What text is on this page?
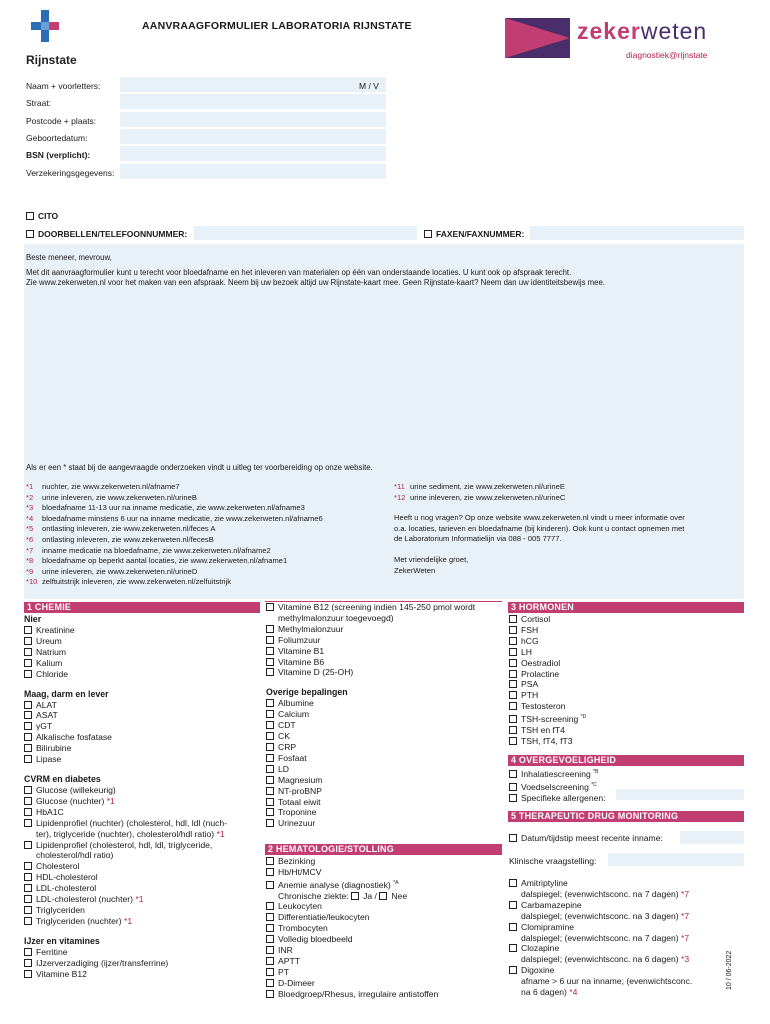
Rijnstate
AANVRAAGFORMULIER LABORATORIA RIJNSTATE	zekerweten
diagnostiek@rijnstate
Naam + voorletters:	M / V
Straat:
Postcode + plaats:
Geboortedatum:
BSN (verplicht):
Verzekeringsgegevens:
CITO
DOORBELLEN/TELEFOONNUMMER:	FAXEN/FAXNUMMER:
Beste meneer, mevrouw,
Met dit aanvraagformulier kunt u terecht voor bloedafname en het inleveren van materialen op één van onderstaande locaties. U kunt ook op afspraak terecht.
Zie www.zekerweten.nl voor het maken van een afspraak. Neem bij uw bezoek altijd uw Rijnstate-kaart mee. Geen Rijnstate-kaart? Neem dan uw identiteitsbewijs mee.
Als er een * staat bij de aangevraagde onderzoeken vindt u uitleg ter voorbereiding op onze website.
*1 nuchter, zie www.zekerweten.nl/afname7
*2 urine inleveren, zie www.zekerweten.nl/urineB
*3 bloedafname 11-13 uur na inname medicatie, zie www.zekerweten.nl/afname3
*4 bloedafname minstens 6 uur na inname medicatie, zie www.zekerweten.nl/afname6
*5 ontlasting inleveren, zie www.zekerweten.nl/feces A
*6 ontlasting inleveren, zie www.zekerweten.nl/fecesB
*7 inname medicatie na bloedafname, zie www.zekerweten.nl/afname2
*8 bloedafname op beperkt aantal locaties, zie www.zekerweten.nl/afname1
*9 urine inleveren, zie www.zekerweten.nl/urineD
*10 zelftuitstrijk inleveren, zie www.zekerweten.nl/zelfuitstrijk
*11 urine sediment, zie www.zekerweten.nl/urineE
*12 urine inleveren, zie www.zekerweten.nl/urineC
Heeft u nog vragen? Op onze website www.zekerweten.nl vindt u meer informatie over
o.a. locaties, tarieven en bloedafname (bij kinderen). Ook kunt u contact opnemen met
de Laboratorium Informatielijn via 088 - 005 7777.
Met vriendelijke groet,
ZekerWeten
1 CHEMIE
Nier
Kreatinine
Ureum
Natrium
Kalium
Chloride
Maag, darm en lever
ALAT
ASAT
γGT
Alkalische fosfatase
Bilirubine
Lipase
CVRM en diabetes
Glucose (willekeurig)
Glucose (nuchter) *1
HbA1C
Lipidenprofiel (nuchter) (cholesterol, hdl, ldl (nuch-
ter), triglyceride (nuchter), cholesterol/hdl ratio) *1
Lipidenprofiel (cholesterol, hdl, ldl, triglyceride,
cholesterol/hdl ratio)
Cholesterol
HDL-cholesterol
LDL-cholesterol
LDL-cholesterol (nuchter) *1
Triglyceriden
Triglyceriden (nuchter) *1
IJzer en vitamines
Ferritine
IJzerverzadiging (ijzer/transferrine)
Vitamine B12
Vitamine B12 (screening indien 145-250 pmol wordt
methylmalonzuur toegevoegd)
Methylmalonzuur
Foliumzuur
Vitamine B1
Vitamine B6
Vitamine D (25-OH)
Overige bepalingen
Albumine
Calcium
CDT
CK
CRP
Fosfaat
LD
Magnesium
NT-proBNP
Totaal eiwit
Troponine
Urinezuur
2 HEMATOLOGIE/STOLLING
Bezinking
Hb/Ht/MCV
Anemie analyse (diagnostiek) $^{*A}$
Chronische ziekte: Ja / Nee
Leukocyten
Differentiatie/leukocyten
Trombocyten
Volledig bloedbeeld
INR
APTT
PT
D-Dimeer
Bloedgroep/Rhesus, irregulaire antistoffen
3 HORMONEN
Cortisol
FSH
hCG
LH
Oestradiol
Prolactine
PSA
PTH
Testosteron
TSH-screening $^{*D}$
TSH en fT4
TSH, fT4, fT3
4 OVERGEVOELIGHEID
Inhalatiescreening $^{*B}$
Voedselscreening $^{*C}$
Specifieke allergenen:
5 THERAPEUTIC DRUG MONITORING
Datum/tijdstip meest recente inname:
Klinische vraagstelling:
Amitriptyline
dalspiegel; (evenwichtsconc. na 7 dagen) *7
Carbamazepine
dalspiegel; (evenwichtsconc. na 3 dagen) *7
Clomipramine
dalspiegel; (evenwichtsconc. na 7 dagen) *7
Clozapine
dalspiegel; (evenwichtsconc. na 6 dagen) *3
Digoxine
afname > 6 uur na inname; (evenwichtsconc.
na 6 dagen) *4
10 / 06-2022
